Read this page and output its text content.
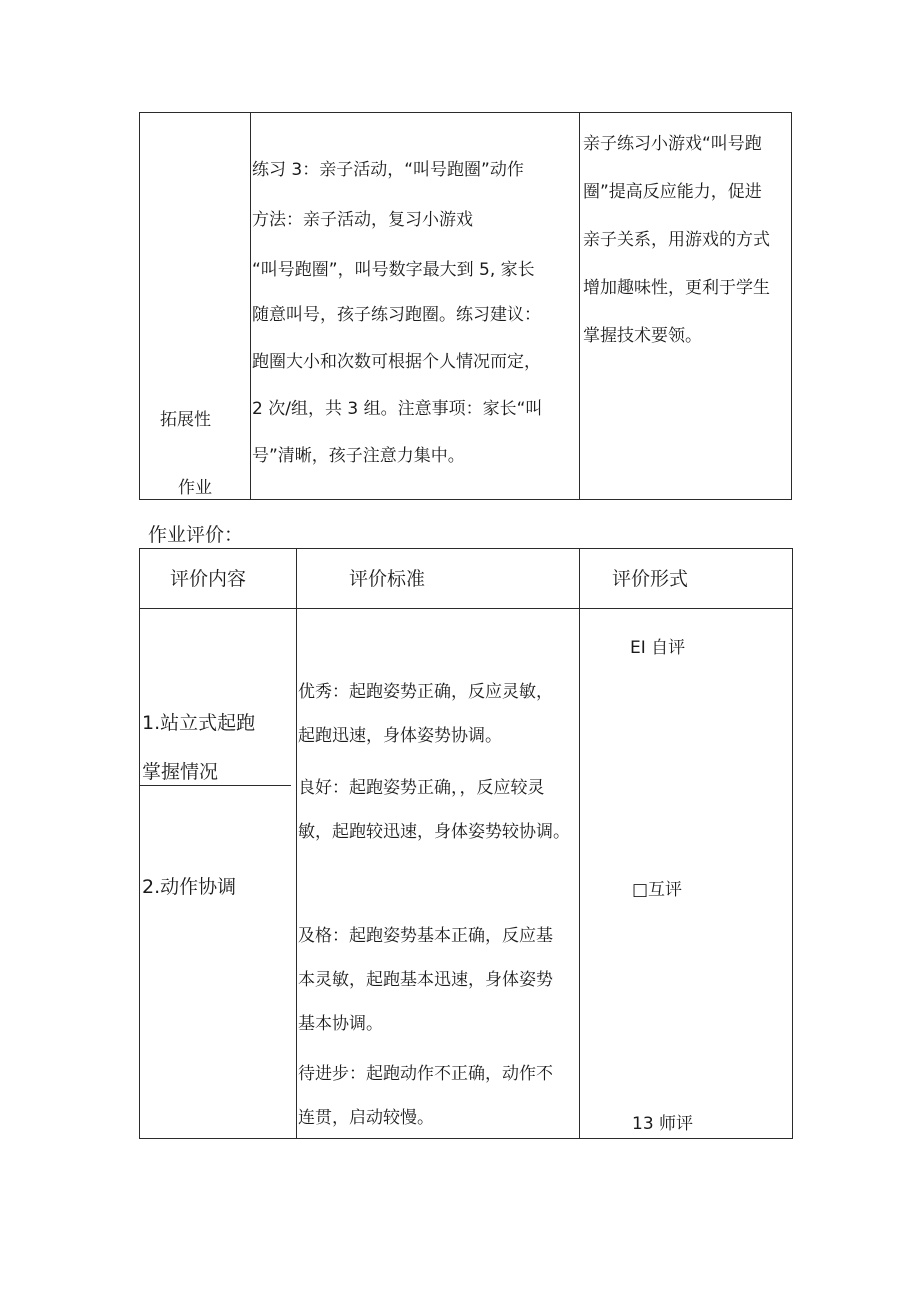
拓展性
作业
练习 3：亲子活动，“叫号跑圈”动作
方法：亲子活动，复习小游戏
“叫号跑圈”，叫号数字最大到 5, 家长
随意叫号，孩子练习跑圈。练习建议：
跑圈大小和次数可根据个人情况而定，
2 次/组，共 3 组。注意事项：家长“叫
号”清晰，孩子注意力集中。
亲子练习小游戏“叫号跑
圈”提高反应能力，促进
亲子关系，用游戏的方式
增加趣味性，更利于学生
掌握技术要领。
作业评价：
评价内容	评价标准	评价形式
1.站立式起跑
掌握情况
2.动作协调
优秀：起跑姿势正确，反应灵敏，
起跑迅速，身体姿势协调。
良好：起跑姿势正确，，反应较灵
敏，起跑较迅速，身体姿势较协调。
及格：起跑姿势基本正确，反应基
本灵敏，起跑基本迅速，身体姿势
基本协调。
待进步：起跑动作不正确，动作不
连贯，启动较慢。
EI 自评
□互评
13 师评
